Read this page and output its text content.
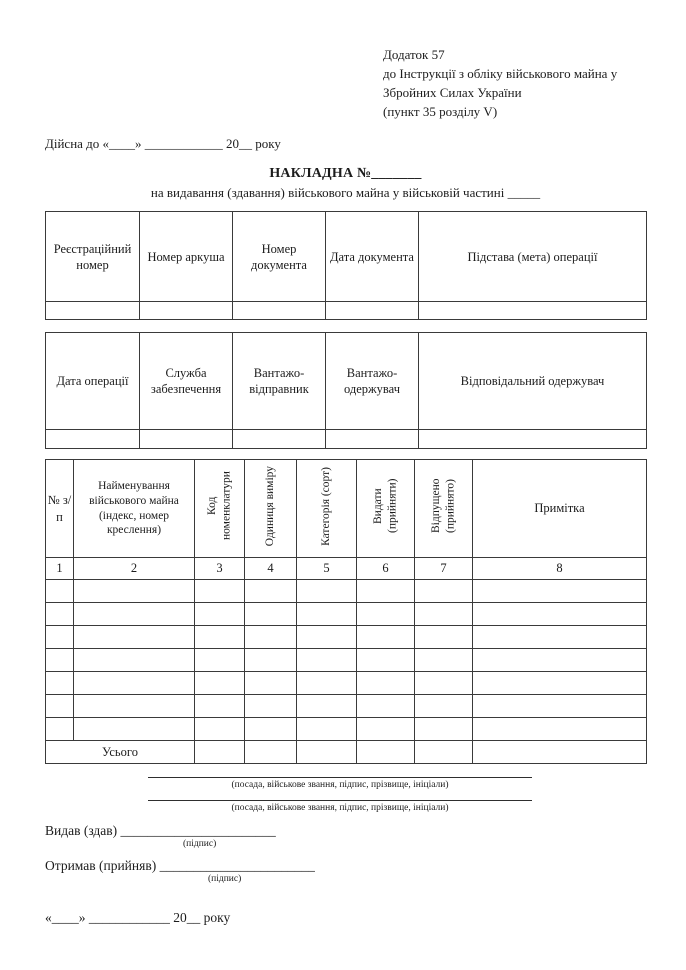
Додаток 57
до Інструкції з обліку військового майна у
Збройних Силах України
(пункт 35 розділу V)
Дійсна до «____» ____________ 20__ року
НАКЛАДНА №_______
на видавання (здавання) військового майна у військовій частині _____
Реєстраційний номер	Номер аркуша	Номер документа	Дата документа	Підстава (мета) операції

Дата операції	Служба забезпечення	Вантажо-відправник	Вантажо-одержувач	Відповідальний одержувач

№ з/п	Найменування військового майна (індекс, номер креслення)	Код номенклатури	Одиниця виміру	Категорія (сорт)	Видати (прийняти)	Відпущено (прийнято)	Примітка
1	2	3	4	5	6	7	8

Усього							
(посада, військове звання, підпис, прізвище, ініціали)
(посада, військове звання, підпис, прізвище, ініціали)
Видав (здав) _______________________
(підпис)
Отримав (прийняв) _______________________
(підпис)
«____» ____________ 20__ року
